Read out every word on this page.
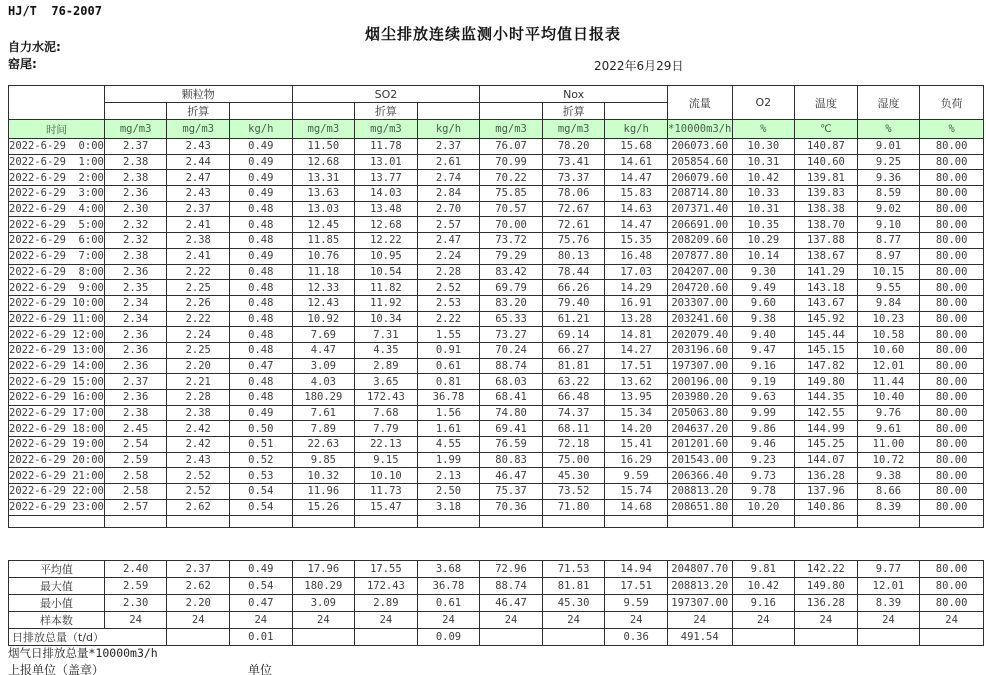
HJ/T  76-2007
烟尘排放连续监测小时平均值日报表
自力水泥:
窑尾:	2022年6月29日
	颗粒物			SO2			Nox			流量	O2	温度	湿度	负荷
		折算			折算			折算						
时间	mg/m3	mg/m3	kg/h	mg/m3	mg/m3	kg/h	mg/m3	mg/m3	kg/h	*10000m3/h	%	℃	%	%
2022-6-29  0:00	2.37	2.43	0.49	11.50	11.78	2.37	76.07	78.20	15.68	206073.60	10.30	140.87	9.01	80.00
2022-6-29  1:00	2.38	2.44	0.49	12.68	13.01	2.61	70.99	73.41	14.61	205854.60	10.31	140.60	9.25	80.00
2022-6-29  2:00	2.38	2.47	0.49	13.31	13.77	2.74	70.22	73.37	14.47	206079.60	10.42	139.81	9.36	80.00
2022-6-29  3:00	2.36	2.43	0.49	13.63	14.03	2.84	75.85	78.06	15.83	208714.80	10.33	139.83	8.59	80.00
2022-6-29  4:00	2.30	2.37	0.48	13.03	13.48	2.70	70.57	72.67	14.63	207371.40	10.31	138.38	9.02	80.00
2022-6-29  5:00	2.32	2.41	0.48	12.45	12.68	2.57	70.00	72.61	14.47	206691.00	10.35	138.70	9.10	80.00
2022-6-29  6:00	2.32	2.38	0.48	11.85	12.22	2.47	73.72	75.76	15.35	208209.60	10.29	137.88	8.77	80.00
2022-6-29  7:00	2.38	2.41	0.49	10.76	10.95	2.24	79.29	80.13	16.48	207877.80	10.14	138.67	8.97	80.00
2022-6-29  8:00	2.36	2.22	0.48	11.18	10.54	2.28	83.42	78.44	17.03	204207.00	9.30	141.29	10.15	80.00
2022-6-29  9:00	2.35	2.25	0.48	12.33	11.82	2.52	69.79	66.26	14.29	204720.60	9.49	143.18	9.55	80.00
2022-6-29 10:00	2.34	2.26	0.48	12.43	11.92	2.53	83.20	79.40	16.91	203307.00	9.60	143.67	9.84	80.00
2022-6-29 11:00	2.34	2.22	0.48	10.92	10.34	2.22	65.33	61.21	13.28	203241.60	9.38	145.92	10.23	80.00
2022-6-29 12:00	2.36	2.24	0.48	7.69	7.31	1.55	73.27	69.14	14.81	202079.40	9.40	145.44	10.58	80.00
2022-6-29 13:00	2.36	2.25	0.48	4.47	4.35	0.91	70.24	66.27	14.27	203196.60	9.47	145.15	10.60	80.00
2022-6-29 14:00	2.36	2.20	0.47	3.09	2.89	0.61	88.74	81.81	17.51	197307.00	9.16	147.82	12.01	80.00
2022-6-29 15:00	2.37	2.21	0.48	4.03	3.65	0.81	68.03	63.22	13.62	200196.00	9.19	149.80	11.44	80.00
2022-6-29 16:00	2.36	2.28	0.48	180.29	172.43	36.78	68.41	66.48	13.95	203980.20	9.63	144.35	10.40	80.00
2022-6-29 17:00	2.38	2.38	0.49	7.61	7.68	1.56	74.80	74.37	15.34	205063.80	9.99	142.55	9.76	80.00
2022-6-29 18:00	2.45	2.42	0.50	7.89	7.79	1.61	69.41	68.11	14.20	204637.20	9.86	144.99	9.61	80.00
2022-6-29 19:00	2.54	2.42	0.51	22.63	22.13	4.55	76.59	72.18	15.41	201201.60	9.46	145.25	11.00	80.00
2022-6-29 20:00	2.59	2.43	0.52	9.85	9.15	1.99	80.83	75.00	16.29	201543.00	9.23	144.07	10.72	80.00
2022-6-29 21:00	2.58	2.52	0.53	10.32	10.10	2.13	46.47	45.30	9.59	206366.40	9.73	136.28	9.38	80.00
2022-6-29 22:00	2.58	2.52	0.54	11.96	11.73	2.50	75.37	73.52	15.74	208813.20	9.78	137.96	8.66	80.00
2022-6-29 23:00	2.57	2.62	0.54	15.26	15.47	3.18	70.36	71.80	14.68	208651.80	10.20	140.86	8.39	80.00

平均值	2.40	2.37	0.49	17.96	17.55	3.68	72.96	71.53	14.94	204807.70	9.81	142.22	9.77	80.00
最大值	2.59	2.62	0.54	180.29	172.43	36.78	88.74	81.81	17.51	208813.20	10.42	149.80	12.01	80.00
最小值	2.30	2.20	0.47	3.09	2.89	0.61	46.47	45.30	9.59	197307.00	9.16	136.28	8.39	80.00
样本数	24	24	24	24	24	24	24	24	24	24	24	24	24	24
日排放总量（t/d）			0.01			0.09			0.36	491.54				
烟气日排放总量*10000m3/h
上报单位（盖章）	单位
